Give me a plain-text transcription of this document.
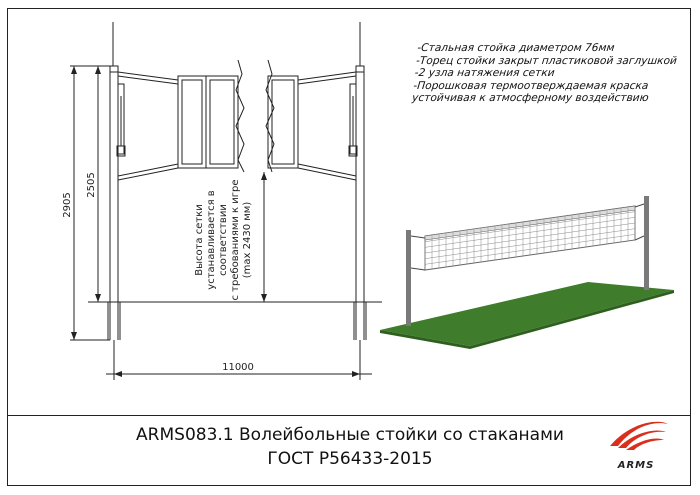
2905
2505
11000
Высота сетки устанавливается в соответствии с требованиями к игре (max 2430 мм)
ARMS
-Стальная стойка диаметром 76мм
-Торец стойки закрыт пластиковой заглушкой
-2 узла натяжения сетки
-Порошковая термоотверждаемая краска
устойчивая к атмосферному воздействию
ARMS083.1 Волейбольные стойки со стаканами
ГОСТ Р56433-2015
